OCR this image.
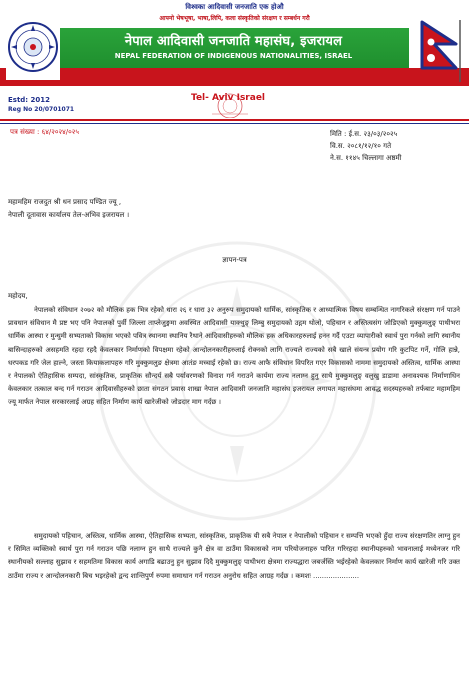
विश्वका आदिवासी जनजाति एक होऔ
आफ्नो भेषभूषा, भाषा,लिपि, कला संस्कृतिको संरक्षण र सम्बर्धन गरौ
नेपाल आदिवासी जनजाति महासंघ, इजरायल
NEPAL FEDERATION OF INDIGENOUS NATIONALITIES, ISRAEL
Estd: 2012
Reg No 20/0701071
Tel- Aviv Israel
पत्र संख्या : ६४/२०२४/०२५	मिति : ई.स. २३/०३/२०२५
वि.स. २०८१/१२/१० गते
ने.स. ११४५ चिल्लागा अष्ठमी
महामहिम राजदुत श्री धन प्रसाद पण्डित ज्यू ,
नेपाली दूतावास कार्यालय तेल-अभिव इजरायल ।
ज्ञापन-पत्र
महोदय,

नेपालको संविधान २०७२ को मौलिक हक भित्र रहेको धारा २६ र धारा ३२ अनुरुप समुदायको धार्मिक, सांस्कृतिक र आध्यात्मिक विषय सम्बन्धित नागरिकले संरक्षण गर्न पाउने प्रावधान संविधान मै प्रष्ट भए पनि नेपालको पुर्वी जिल्ला ताप्लेजुङ्गमा अवस्थित आदिवासी याक्थुङ् लिम्बु समुदायको उद्गम थोलो, पहिचान र अस्तित्वसंग जोडिएको मुक्कुमलुङ् पाथीभरा धार्मिक आस्था र मुन्धुमी सभ्यताको विकास भएको पवित्र स्थानमा स्थानिय रैथाने आदिवासीहरुको मौलिक हक अधिकारहरुलाई हनन गर्दै एउटा व्यापारीको स्वार्थ पुरा गर्नको लागि स्थानीय बासिन्दाहरुको असहमति रहदा रहदै केवलकार निर्माणको विपक्षमा रहेको आन्दोलनकारीहरुलाई रोक्नको लागि राज्यले राज्यको सबै खाले संयन्त्र प्रयोग गरि कुटपिट गर्ने, गोलि हान्ने, धरपकड गरि जेल हाल्ने, जस्ता कियाकलापहरु गरि मुक्कुमलुङ क्षेत्रमा आतंङ मच्चाई रहेको छ। राज्य आफै संविधान विपरित गएर विकासको नाममा समुदायको अस्तित्व, धार्मिक आस्था र नेपालको ऐतिहासिक सम्पदा, सांस्कृतिक, प्राकृतिक सौन्दर्य सबै पर्यावरणको विनाश गर्न गराउने कार्यमा राज्य नलाग्न हुनु साथै मुक्कुमलुङ् वलुखु डाडामा अनावश्यक निर्माणाधिन केवलकार तत्काल बन्द गर्न गराउन आदिवासीहरुको छाता संगठन प्रवास शाखा नेपाल आदिवासी जनजाति महासंघ इजरायल लगायत महासंघमा आवद्ध सदस्यहरुको तर्फबाट महामहिम ज्यू मार्फत नेपाल सरकारलाई अग्रह सहित निर्माण कार्य खारेजीको जोडदार माग गर्दछ ।

समुदायको पहिचान, अस्तित्व, धार्मिक आस्था, ऐतिहासिक सभ्यता, सांस्कृतिक, प्राकृतिक यी सबै नेपाल र नेपालीको पहिचान र सम्पत्ति भएको हुँदा राज्य संरक्षणतिर लाग्नु हुन र सिमित व्यक्तिको स्वार्थ पुरा गर्न गराउन पछि नलाग्न हुन साथै राज्यले कुनै क्षेत्र वा ठाउँमा विकासको नाम परियोजनाहरु पारित गरिरहदा स्थानीयहरुको भावनालाई मध्येनजर गरि स्थानीयको सल्लाह सुझाव र सहमतिमा विकास कार्य अगाडि बढाउनु हुन सुझाव दिदै मुक्कुमलुङ् पाथीभरा क्षेत्रमा राज्यद्धारा जबर्जस्ति भईरहेको केवलकार निर्माण कार्य खारेजी गरि उक्त ठाउँमा राज्य र आन्दोलनकारी बिच भइरहेको द्वन्द शान्तिपुर्ण रुपमा समाधान गर्न गराउन अनुरोध सहित आग्रह गर्दछ । कमशः .....................
